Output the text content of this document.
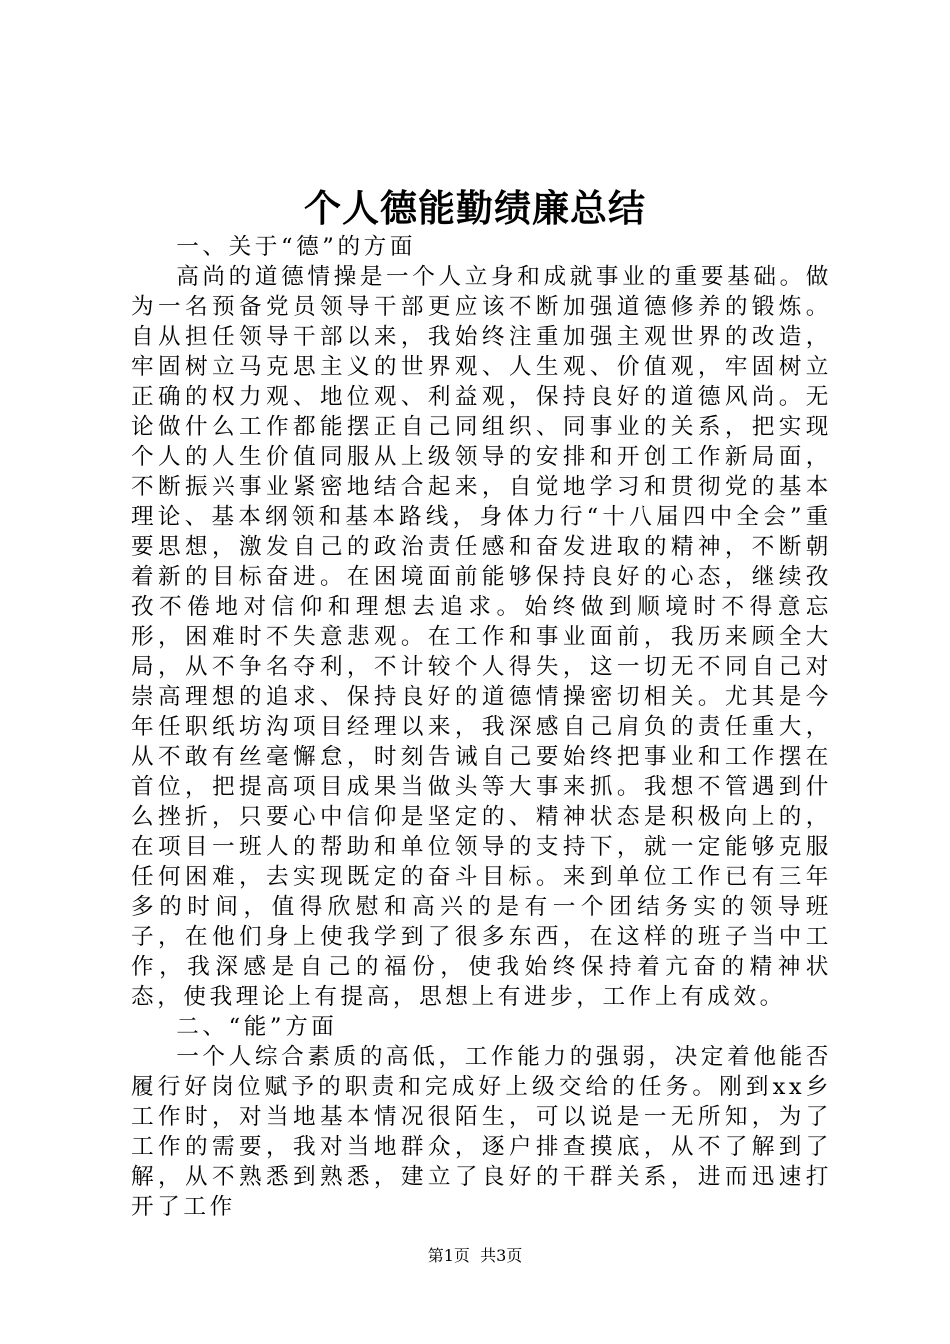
个人德能勤绩廉总结

一、关于“德”的方面

高尚的道德情操是一个人立身和成就事业的重要基础。做为一名预备党员领导干部更应该不断加强道德修养的锻炼。自从担任领导干部以来，我始终注重加强主观世界的改造，牢固树立马克思主义的世界观、人生观、价值观，牢固树立正确的权力观、地位观、利益观，保持良好的道德风尚。无论做什么工作都能摆正自己同组织、同事业的关系，把实现个人的人生价值同服从上级领导的安排和开创工作新局面，不断振兴事业紧密地结合起来，自觉地学习和贯彻党的基本理论、基本纲领和基本路线，身体力行“十八届四中全会”重要思想，激发自己的政治责任感和奋发进取的精神，不断朝着新的目标奋进。在困境面前能够保持良好的心态，继续孜孜不倦地对信仰和理想去追求。始终做到顺境时不得意忘形，困难时不失意悲观。在工作和事业面前，我历来顾全大局，从不争名夺利，不计较个人得失，这一切无不同自己对崇高理想的追求、保持良好的道德情操密切相关。尤其是今年任职纸坊沟项目经理以来，我深感自己肩负的责任重大，从不敢有丝毫懈怠，时刻告诫自己要始终把事业和工作摆在首位，把提高项目成果当做头等大事来抓。我想不管遇到什么挫折，只要心中信仰是坚定的、精神状态是积极向上的，在项目一班人的帮助和单位领导的支持下，就一定能够克服任何困难，去实现既定的奋斗目标。来到单位工作已有三年多的时间，值得欣慰和高兴的是有一个团结务实的领导班子，在他们身上使我学到了很多东西，在这样的班子当中工作，我深感是自己的福份，使我始终保持着亢奋的精神状态，使我理论上有提高，思想上有进步，工作上有成效。

二、“能”方面

一个人综合素质的高低，工作能力的强弱，决定着他能否履行好岗位赋予的职责和完成好上级交给的任务。刚到xx乡工作时，对当地基本情况很陌生，可以说是一无所知，为了工作的需要，我对当地群众，逐户排查摸底，从不了解到了解，从不熟悉到熟悉，建立了良好的干群关系，进而迅速打开了工作

第1页 共3页
